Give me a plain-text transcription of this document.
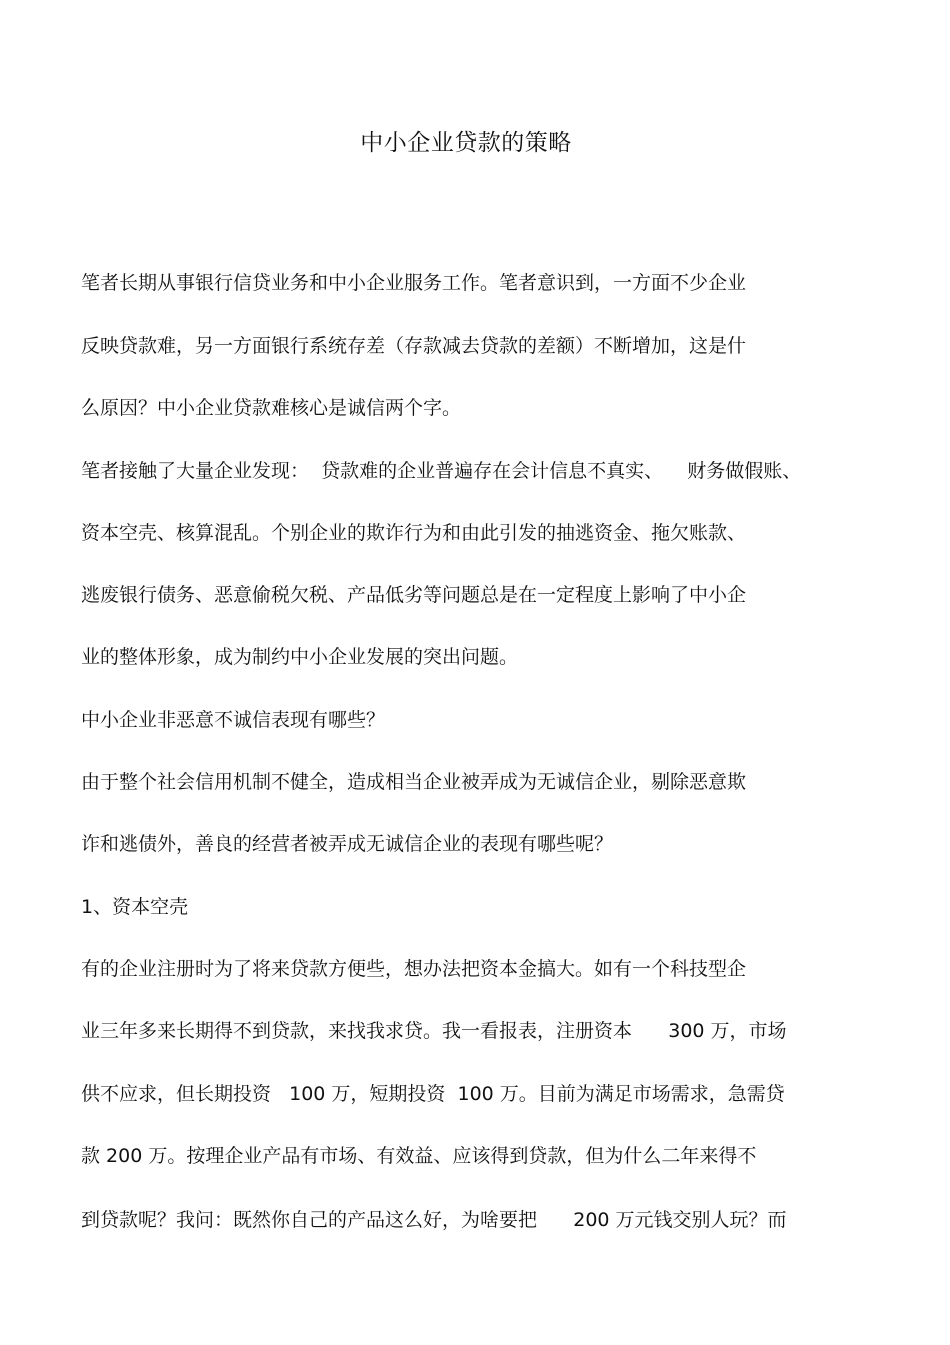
中小企业贷款的策略
笔者长期从事银行信贷业务和中小企业服务工作。笔者意识到，一方面不少企业
反映贷款难，另一方面银行系统存差（存款减去贷款的差额）不断增加，这是什
么原因？中小企业贷款难核心是诚信两个字。
笔者接触了大量企业发现：  贷款难的企业普遍存在会计信息不真实、    财务做假账、
资本空壳、核算混乱。个别企业的欺诈行为和由此引发的抽逃资金、拖欠账款、
逃废银行债务、恶意偷税欠税、产品低劣等问题总是在一定程度上影响了中小企
业的整体形象，成为制约中小企业发展的突出问题。
中小企业非恶意不诚信表现有哪些？
由于整个社会信用机制不健全，造成相当企业被弄成为无诚信企业，剔除恶意欺
诈和逃债外，善良的经营者被弄成无诚信企业的表现有哪些呢？
1、资本空壳
有的企业注册时为了将来贷款方便些，想办法把资本金搞大。如有一个科技型企
业三年多来长期得不到贷款，来找我求贷。我一看报表，注册资本      300 万，市场
供不应求，但长期投资   100 万，短期投资  100 万。目前为满足市场需求，急需贷
款 200 万。按理企业产品有市场、有效益、应该得到贷款，但为什么二年来得不
到贷款呢？我问：既然你自己的产品这么好，为啥要把      200 万元钱交别人玩？而
